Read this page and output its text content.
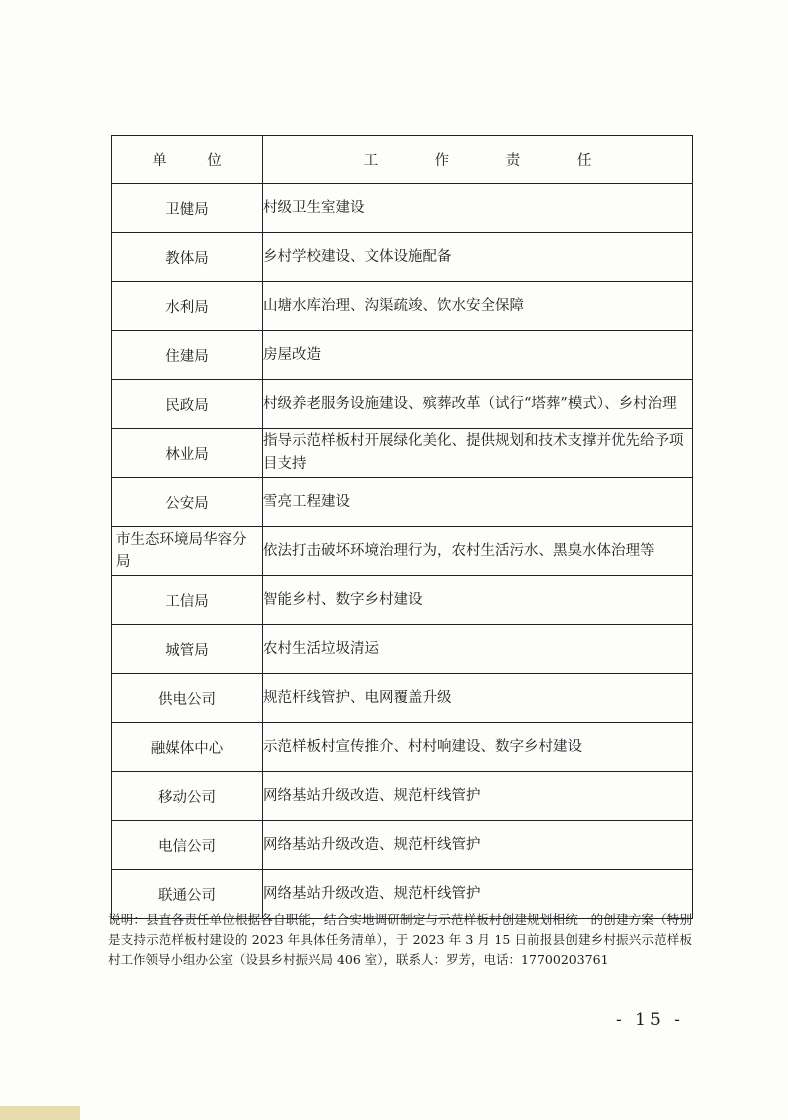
单 位	工 作 责 任
卫健局	村级卫生室建设
教体局	乡村学校建设、文体设施配备
水利局	山塘水库治理、沟渠疏竣、饮水安全保障
住建局	房屋改造
民政局	村级养老服务设施建设、殡葬改革（试行“塔葬”模式）、乡村治理
林业局	指导示范样板村开展绿化美化、提供规划和技术支撑并优先给予项目支持
公安局	雪亮工程建设
市生态环境局华容分局	依法打击破坏环境治理行为，农村生活污水、黑臭水体治理等
工信局	智能乡村、数字乡村建设
城管局	农村生活垃圾清运
供电公司	规范杆线管护、电网覆盖升级
融媒体中心	示范样板村宣传推介、村村响建设、数字乡村建设
移动公司	网络基站升级改造、规范杆线管护
电信公司	网络基站升级改造、规范杆线管护
联通公司	网络基站升级改造、规范杆线管护
说明：县直各责任单位根据各自职能，结合实地调研制定与示范样板村创建规划相统一的创建方案（特别是支持示范样板村建设的 2023 年具体任务清单），于 2023 年 3 月 15 日前报县创建乡村振兴示范样板村工作领导小组办公室（设县乡村振兴局 406 室），联系人：罗芳，电话：17700203761
- 15 -
